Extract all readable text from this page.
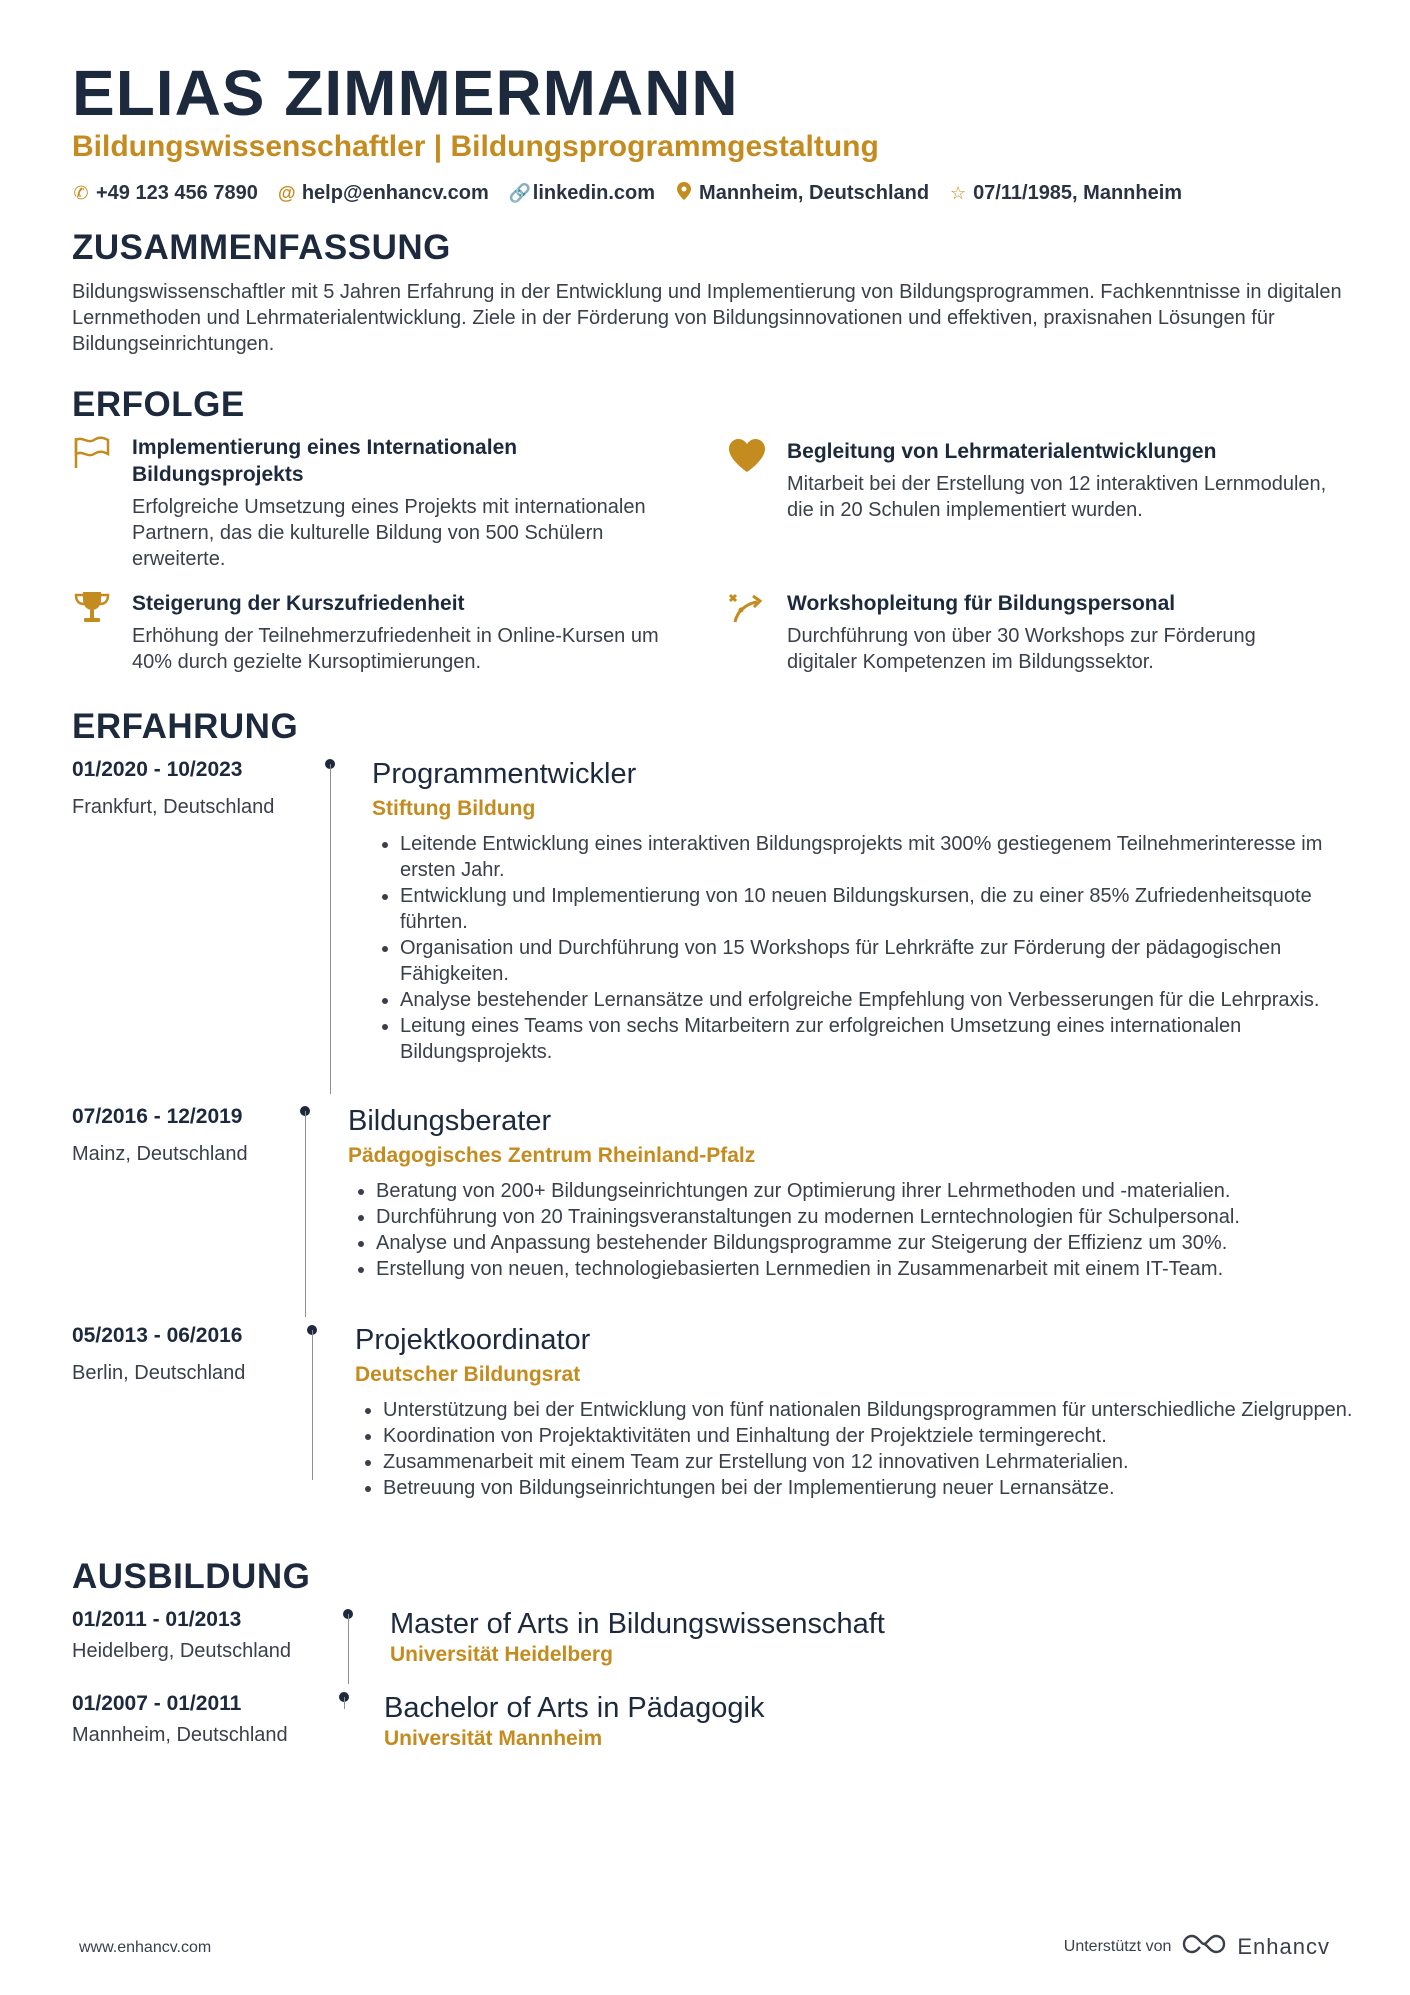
ELIAS ZIMMERMANN
Bildungswissenschaftler | Bildungsprogrammgestaltung
✆ +49 123 456 7890 @ help@enhancv.com 🔗 linkedin.com Mannheim, Deutschland ☆ 07/11/1985, Mannheim
ZUSAMMENFASSUNG
Bildungswissenschaftler mit 5 Jahren Erfahrung in der Entwicklung und Implementierung von Bildungsprogrammen. Fachkenntnisse in digitalen Lernmethoden und Lehrmaterialentwicklung. Ziele in der Förderung von Bildungsinnovationen und effektiven, praxisnahen Lösungen für Bildungseinrichtungen.
ERFOLGE
Implementierung eines Internationalen Bildungsprojekts
Erfolgreiche Umsetzung eines Projekts mit internationalen Partnern, das die kulturelle Bildung von 500 Schülern erweiterte.
Begleitung von Lehrmaterialentwicklungen
Mitarbeit bei der Erstellung von 12 interaktiven Lernmodulen, die in 20 Schulen implementiert wurden.
Steigerung der Kurszufriedenheit
Erhöhung der Teilnehmerzufriedenheit in Online-Kursen um 40% durch gezielte Kursoptimierungen.
Workshopleitung für Bildungspersonal
Durchführung von über 30 Workshops zur Förderung digitaler Kompetenzen im Bildungssektor.
ERFAHRUNG
01/2020 - 10/2023
Frankfurt, Deutschland
Programmentwickler
Stiftung Bildung
• Leitende Entwicklung eines interaktiven Bildungsprojekts mit 300% gestiegenem Teilnehmerinteresse im ersten Jahr.
• Entwicklung und Implementierung von 10 neuen Bildungskursen, die zu einer 85% Zufriedenheitsquote führten.
• Organisation und Durchführung von 15 Workshops für Lehrkräfte zur Förderung der pädagogischen Fähigkeiten.
• Analyse bestehender Lernansätze und erfolgreiche Empfehlung von Verbesserungen für die Lehrpraxis.
• Leitung eines Teams von sechs Mitarbeitern zur erfolgreichen Umsetzung eines internationalen Bildungsprojekts.
07/2016 - 12/2019
Mainz, Deutschland
Bildungsberater
Pädagogisches Zentrum Rheinland-Pfalz
• Beratung von 200+ Bildungseinrichtungen zur Optimierung ihrer Lehrmethoden und -materialien.
• Durchführung von 20 Trainingsveranstaltungen zu modernen Lerntechnologien für Schulpersonal.
• Analyse und Anpassung bestehender Bildungsprogramme zur Steigerung der Effizienz um 30%.
• Erstellung von neuen, technologiebasierten Lernmedien in Zusammenarbeit mit einem IT-Team.
05/2013 - 06/2016
Berlin, Deutschland
Projektkoordinator
Deutscher Bildungsrat
• Unterstützung bei der Entwicklung von fünf nationalen Bildungsprogrammen für unterschiedliche Zielgruppen.
• Koordination von Projektaktivitäten und Einhaltung der Projektziele termingerecht.
• Zusammenarbeit mit einem Team zur Erstellung von 12 innovativen Lehrmaterialien.
• Betreuung von Bildungseinrichtungen bei der Implementierung neuer Lernansätze.
AUSBILDUNG
01/2011 - 01/2013
Heidelberg, Deutschland
Master of Arts in Bildungswissenschaft
Universität Heidelberg
01/2007 - 01/2011
Mannheim, Deutschland
Bachelor of Arts in Pädagogik
Universität Mannheim
www.enhancv.com	Unterstützt von	Enhancv
